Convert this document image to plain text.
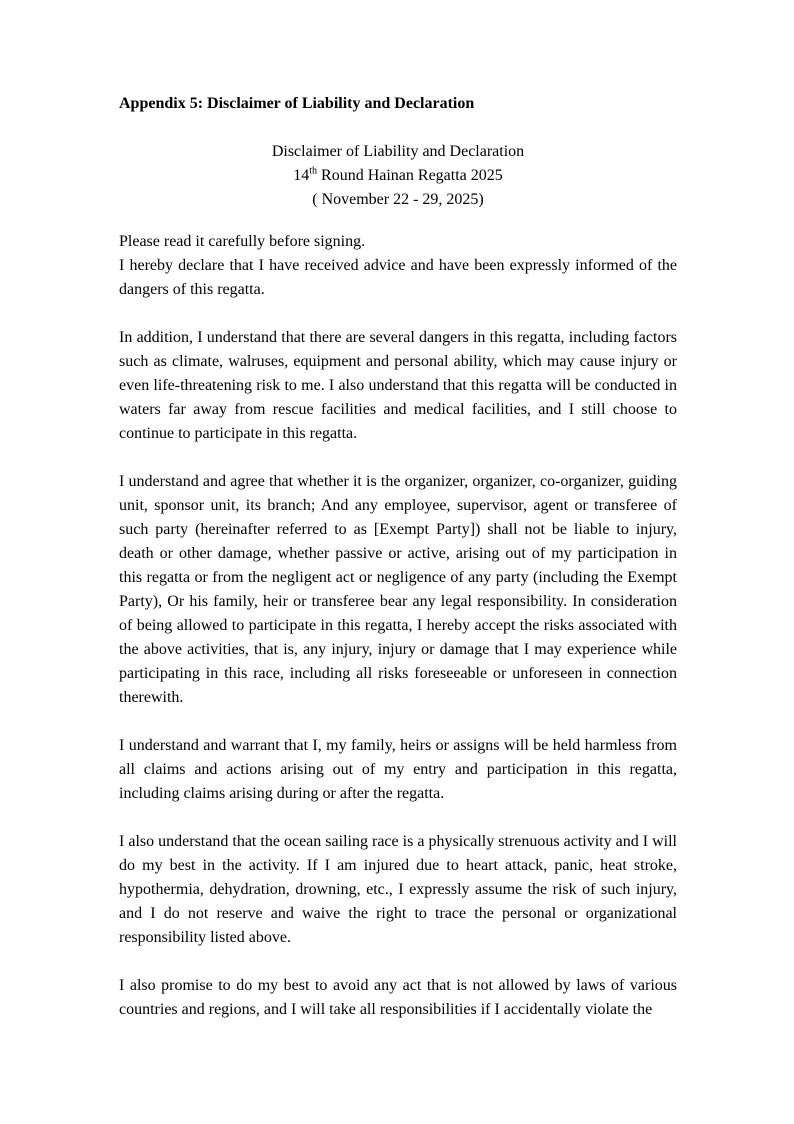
Appendix 5: Disclaimer of Liability and Declaration

Disclaimer of Liability and Declaration

14th Round Hainan Regatta 2025

( November 22 - 29, 2025)

Please read it carefully before signing.

I hereby declare that I have received advice and have been expressly informed of the dangers of this regatta.

In addition, I understand that there are several dangers in this regatta, including factors such as climate, walruses, equipment and personal ability, which may cause injury or even life-threatening risk to me. I also understand that this regatta will be conducted in waters far away from rescue facilities and medical facilities, and I still choose to continue to participate in this regatta.

I understand and agree that whether it is the organizer, organizer, co-organizer, guiding unit, sponsor unit, its branch; And any employee, supervisor, agent or transferee of such party (hereinafter referred to as [Exempt Party]) shall not be liable to injury, death or other damage, whether passive or active, arising out of my participation in this regatta or from the negligent act or negligence of any party (including the Exempt Party), Or his family, heir or transferee bear any legal responsibility. In consideration of being allowed to participate in this regatta, I hereby accept the risks associated with the above activities, that is, any injury, injury or damage that I may experience while participating in this race, including all risks foreseeable or unforeseen in connection therewith.

I understand and warrant that I, my family, heirs or assigns will be held harmless from all claims and actions arising out of my entry and participation in this regatta, including claims arising during or after the regatta.

I also understand that the ocean sailing race is a physically strenuous activity and I will do my best in the activity. If I am injured due to heart attack, panic, heat stroke, hypothermia, dehydration, drowning, etc., I expressly assume the risk of such injury, and I do not reserve and waive the right to trace the personal or organizational responsibility listed above.

I also promise to do my best to avoid any act that is not allowed by laws of various countries and regions, and I will take all responsibilities if I accidentally violate the
